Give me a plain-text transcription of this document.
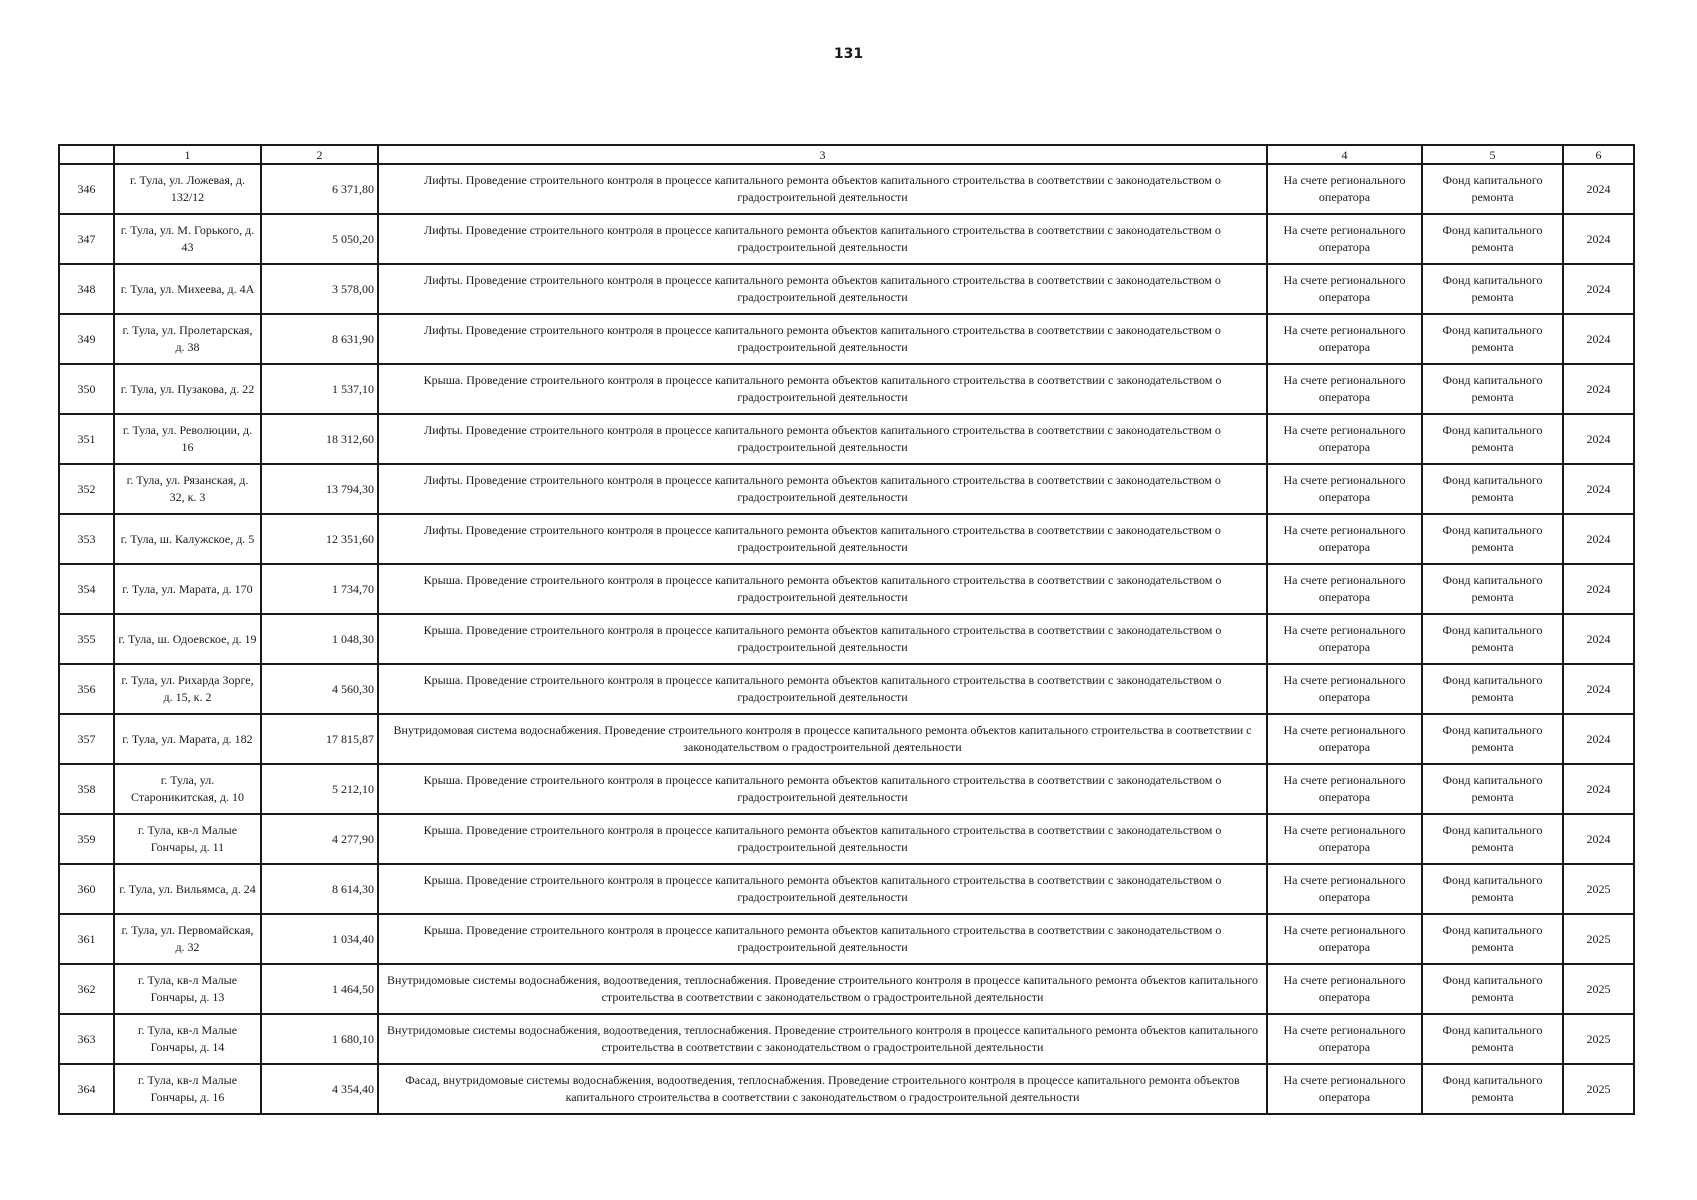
131
	1	2	3	4	5	6
346	г. Тула, ул. Ложевая, д. 132/12	6 371,80	Лифты. Проведение строительного контроля в процессе капитального ремонта объектов капитального строительства в соответствии с законодательством о градостроительной деятельности	На счете регионального оператора	Фонд капитального ремонта	2024
347	г. Тула, ул. М. Горького, д. 43	5 050,20	Лифты. Проведение строительного контроля в процессе капитального ремонта объектов капитального строительства в соответствии с законодательством о градостроительной деятельности	На счете регионального оператора	Фонд капитального ремонта	2024
348	г. Тула, ул. Михеева, д. 4А	3 578,00	Лифты. Проведение строительного контроля в процессе капитального ремонта объектов капитального строительства в соответствии с законодательством о градостроительной деятельности	На счете регионального оператора	Фонд капитального ремонта	2024
349	г. Тула, ул. Пролетарская, д. 38	8 631,90	Лифты. Проведение строительного контроля в процессе капитального ремонта объектов капитального строительства в соответствии с законодательством о градостроительной деятельности	На счете регионального оператора	Фонд капитального ремонта	2024
350	г. Тула, ул. Пузакова, д. 22	1 537,10	Крыша. Проведение строительного контроля в процессе капитального ремонта объектов капитального строительства в соответствии с законодательством о градостроительной деятельности	На счете регионального оператора	Фонд капитального ремонта	2024
351	г. Тула, ул. Революции, д. 16	18 312,60	Лифты. Проведение строительного контроля в процессе капитального ремонта объектов капитального строительства в соответствии с законодательством о градостроительной деятельности	На счете регионального оператора	Фонд капитального ремонта	2024
352	г. Тула, ул. Рязанская, д. 32, к. 3	13 794,30	Лифты. Проведение строительного контроля в процессе капитального ремонта объектов капитального строительства в соответствии с законодательством о градостроительной деятельности	На счете регионального оператора	Фонд капитального ремонта	2024
353	г. Тула, ш. Калужское, д. 5	12 351,60	Лифты. Проведение строительного контроля в процессе капитального ремонта объектов капитального строительства в соответствии с законодательством о градостроительной деятельности	На счете регионального оператора	Фонд капитального ремонта	2024
354	г. Тула, ул. Марата, д. 170	1 734,70	Крыша. Проведение строительного контроля в процессе капитального ремонта объектов капитального строительства в соответствии с законодательством о градостроительной деятельности	На счете регионального оператора	Фонд капитального ремонта	2024
355	г. Тула, ш. Одоевское, д. 19	1 048,30	Крыша. Проведение строительного контроля в процессе капитального ремонта объектов капитального строительства в соответствии с законодательством о градостроительной деятельности	На счете регионального оператора	Фонд капитального ремонта	2024
356	г. Тула, ул. Рихарда Зорге, д. 15, к. 2	4 560,30	Крыша. Проведение строительного контроля в процессе капитального ремонта объектов капитального строительства в соответствии с законодательством о градостроительной деятельности	На счете регионального оператора	Фонд капитального ремонта	2024
357	г. Тула, ул. Марата, д. 182	17 815,87	Внутридомовая система водоснабжения. Проведение строительного контроля в процессе капитального ремонта объектов капитального строительства в соответствии с законодательством о градостроительной деятельности	На счете регионального оператора	Фонд капитального ремонта	2024
358	г. Тула, ул. Староникитская, д. 10	5 212,10	Крыша. Проведение строительного контроля в процессе капитального ремонта объектов капитального строительства в соответствии с законодательством о градостроительной деятельности	На счете регионального оператора	Фонд капитального ремонта	2024
359	г. Тула, кв-л Малые Гончары, д. 11	4 277,90	Крыша. Проведение строительного контроля в процессе капитального ремонта объектов капитального строительства в соответствии с законодательством о градостроительной деятельности	На счете регионального оператора	Фонд капитального ремонта	2024
360	г. Тула, ул. Вильямса, д. 24	8 614,30	Крыша. Проведение строительного контроля в процессе капитального ремонта объектов капитального строительства в соответствии с законодательством о градостроительной деятельности	На счете регионального оператора	Фонд капитального ремонта	2025
361	г. Тула, ул. Первомайская, д. 32	1 034,40	Крыша. Проведение строительного контроля в процессе капитального ремонта объектов капитального строительства в соответствии с законодательством о градостроительной деятельности	На счете регионального оператора	Фонд капитального ремонта	2025
362	г. Тула, кв-л Малые Гончары, д. 13	1 464,50	Внутридомовые системы водоснабжения, водоотведения, теплоснабжения. Проведение строительного контроля в процессе капитального ремонта объектов капитального строительства в соответствии с законодательством о градостроительной деятельности	На счете регионального оператора	Фонд капитального ремонта	2025
363	г. Тула, кв-л Малые Гончары, д. 14	1 680,10	Внутридомовые системы водоснабжения, водоотведения, теплоснабжения. Проведение строительного контроля в процессе капитального ремонта объектов капитального строительства в соответствии с законодательством о градостроительной деятельности	На счете регионального оператора	Фонд капитального ремонта	2025
364	г. Тула, кв-л Малые Гончары, д. 16	4 354,40	Фасад, внутридомовые системы водоснабжения, водоотведения, теплоснабжения. Проведение строительного контроля в процессе капитального ремонта объектов капитального строительства в соответствии с законодательством о градостроительной деятельности	На счете регионального оператора	Фонд капитального ремонта	2025
